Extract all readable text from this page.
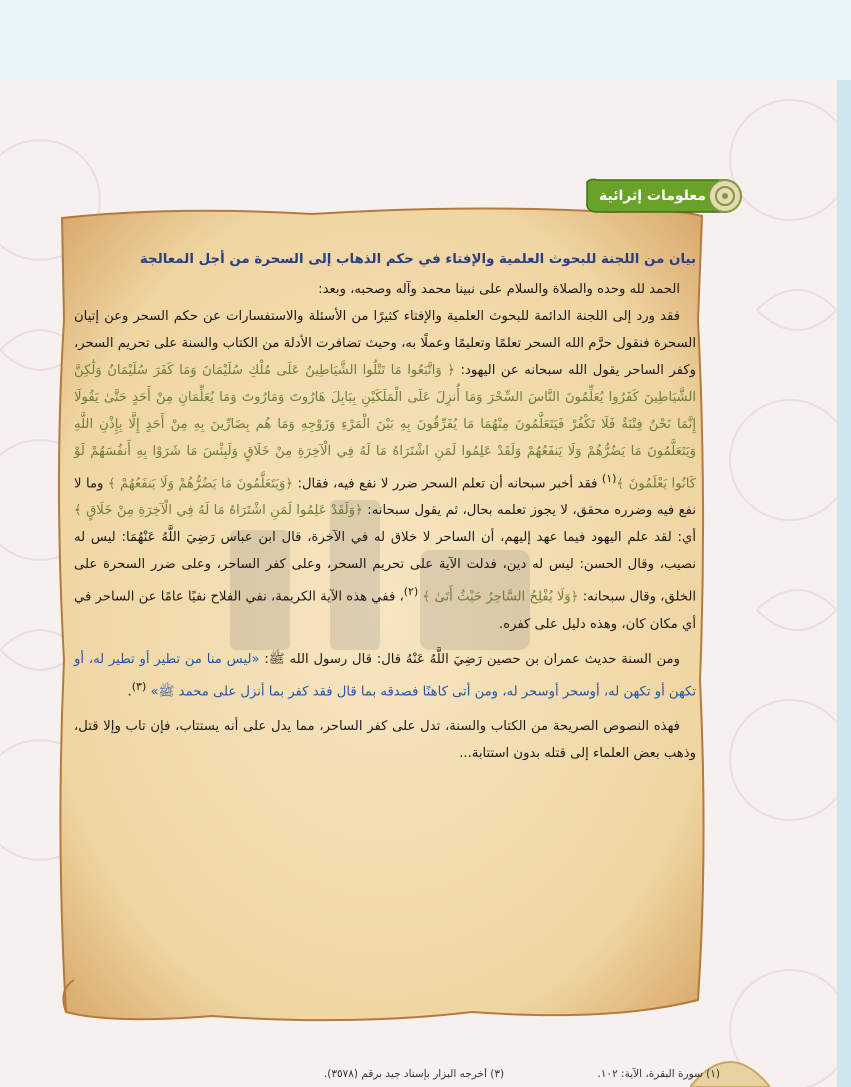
معلومات إثرائية
بيان من اللجنة للبحوث العلمية والإفتاء في حكم الذهاب إلى السحرة من أجل المعالجة

الحمد لله وحده والصلاة والسلام على نبينا محمد وآله وصحبه، وبعد:

فقد ورد إلى اللجنة الدائمة للبحوث العلمية والإفتاء كثيرًا من الأسئلة والاستفسارات عن حكم السحر وعن إتيان السحرة فنقول حرَّم الله السحر تعلمًا وتعليمًا وعملًا به، وحيث تضافرت الأدلة من الكتاب والسنة على تحريم السحر، وكفر الساحر يقول الله سبحانه عن اليهود: ﴿ وَاتَّبَعُوا مَا تَتْلُوا الشَّيَاطِينُ عَلَى مُلْكِ سُلَيْمَانَ وَمَا كَفَرَ سُلَيْمَانُ وَلَٰكِنَّ الشَّيَاطِينَ كَفَرُوا يُعَلِّمُونَ النَّاسَ السِّحْرَ وَمَا أُنزِلَ عَلَى الْمَلَكَيْنِ بِبَابِلَ هَارُوتَ وَمَارُوتَ وَمَا يُعَلِّمَانِ مِنْ أَحَدٍ حَتَّىٰ يَقُولَا إِنَّمَا نَحْنُ فِتْنَةٌ فَلَا تَكْفُرْ فَيَتَعَلَّمُونَ مِنْهُمَا مَا يُفَرِّقُونَ بِهِ بَيْنَ الْمَرْءِ وَزَوْجِهِ وَمَا هُم بِضَارِّينَ بِهِ مِنْ أَحَدٍ إِلَّا بِإِذْنِ اللَّهِ وَيَتَعَلَّمُونَ مَا يَضُرُّهُمْ وَلَا يَنفَعُهُمْ وَلَقَدْ عَلِمُوا لَمَنِ اشْتَرَاهُ مَا لَهُ فِي الْآخِرَةِ مِنْ خَلَاقٍ وَلَبِئْسَ مَا شَرَوْا بِهِ أَنفُسَهُمْ لَوْ كَانُوا يَعْلَمُونَ ﴾$^{(١)}$ فقد أخبر سبحانه أن تعلم السحر ضرر لا نفع فيه، فقال: ﴿وَيَتَعَلَّمُونَ مَا يَضُرُّهُمْ وَلَا يَنفَعُهُمْ ﴾ وما لا نفع فيه وضرره محقق، لا يجوز تعلمه بحال، ثم يقول سبحانه: ﴿وَلَقَدْ عَلِمُوا لَمَنِ اشْتَرَاهُ مَا لَهُ فِي الْآخِرَةِ مِنْ خَلَاقٍ ﴾ أي: لقد علم اليهود فيما عهد إليهم، أن الساحر لا خلاق له في الآخرة، قال ابن عباس رَضِيَ اللَّهُ عَنْهُمَا: ليس له نصيب، وقال الحسن: ليس له دين، فدلت الآية على تحريم السحر، وعلى كفر الساحر، وعلى ضرر السحرة على الخلق، وقال سبحانه: ﴿وَلَا يُفْلِحُ السَّاحِرُ حَيْثُ أَتَىٰ ﴾ $^{(٢)}$، ففي هذه الآية الكريمة، نفي الفلاح نفيًا عامًا عن الساحر في أي مكان كان، وهذه دليل على كفره.

ومن السنة حديث عمران بن حصين رَضِيَ اللَّهُ عَنْهُ قال: قال رسول الله ﷺ: «ليس منا من تطير أو تطير له، أو تكهن أو تكهن له، أوسحر أوسحر له، ومن أتى كاهنًا فصدقه بما قال فقد كفر بما أنزل على محمد ﷺ» $^{(٣)}$.

فهذه النصوص الصريحة من الكتاب والسنة، تدل على كفر الساحر، مما يدل على أنه يستتاب، فإن تاب وإلا قتل، وذهب بعض العلماء إلى قتله بدون استتابة...

(١) سورة البقرة، الآية: ١٠٢. (٣) أخرجه البزار بإسناد جيد برقم (٣٥٧٨).
